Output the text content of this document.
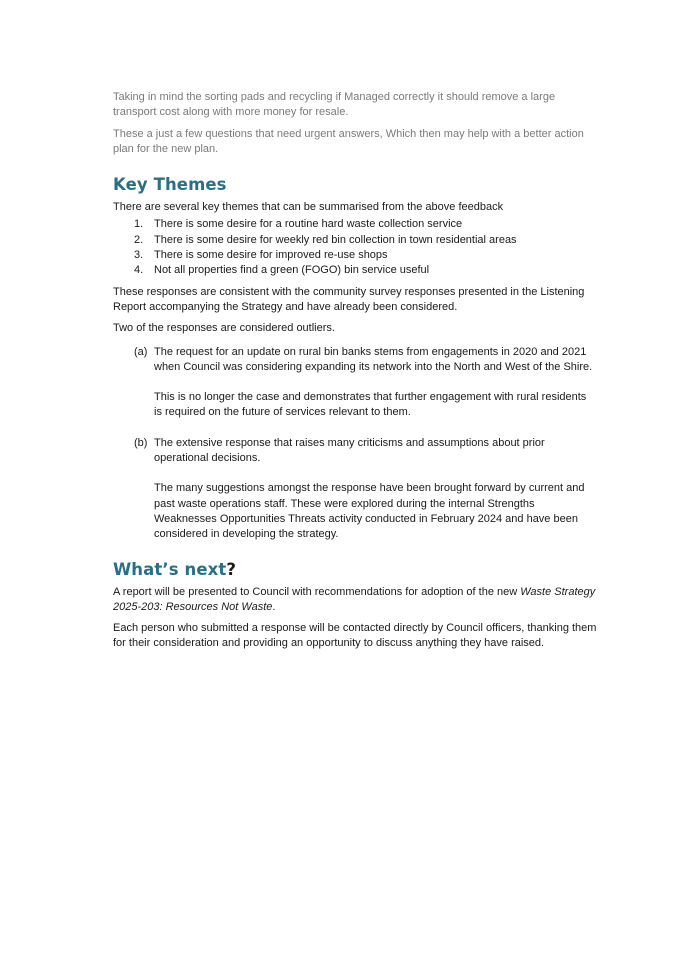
Taking in mind the sorting pads and recycling if Managed correctly it should remove a large transport cost along with more money for resale.

These a just a few questions that need urgent answers, Which then may help with a better action plan for the new plan.

Key Themes

There are several key themes that can be summarised from the above feedback

1. There is some desire for a routine hard waste collection service
2. There is some desire for weekly red bin collection in town residential areas
3. There is some desire for improved re-use shops
4. Not all properties find a green (FOGO) bin service useful

These responses are consistent with the community survey responses presented in the Listening Report accompanying the Strategy and have already been considered.

Two of the responses are considered outliers.

(a) The request for an update on rural bin banks stems from engagements in 2020 and 2021 when Council was considering expanding its network into the North and West of the Shire.

This is no longer the case and demonstrates that further engagement with rural residents is required on the future of services relevant to them.

(b) The extensive response that raises many criticisms and assumptions about prior operational decisions.

The many suggestions amongst the response have been brought forward by current and past waste operations staff. These were explored during the internal Strengths Weaknesses Opportunities Threats activity conducted in February 2024 and have been considered in developing the strategy.

What’s next?

A report will be presented to Council with recommendations for adoption of the new Waste Strategy 2025-203: Resources Not Waste.

Each person who submitted a response will be contacted directly by Council officers, thanking them for their consideration and providing an opportunity to discuss anything they have raised.
